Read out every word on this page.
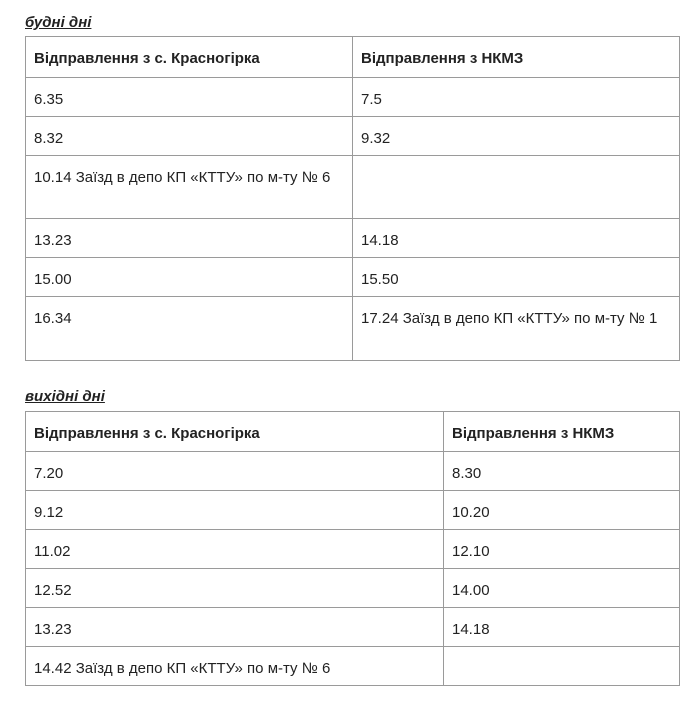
будні дні
Відправлення з с. Красногірка	Відправлення з НКМЗ
6.35	7.5
8.32	9.32
10.14 Заїзд в депо КП «КТТУ» по м-ту № 6	
13.23	14.18
15.00	15.50
16.34	17.24 Заїзд в депо КП «КТТУ» по м-ту № 1
вихідні дні
Відправлення з с. Красногірка	Відправлення з НКМЗ
7.20	8.30
9.12	10.20
11.02	12.10
12.52	14.00
13.23	14.18
14.42 Заїзд в депо КП «КТТУ» по м-ту № 6	
